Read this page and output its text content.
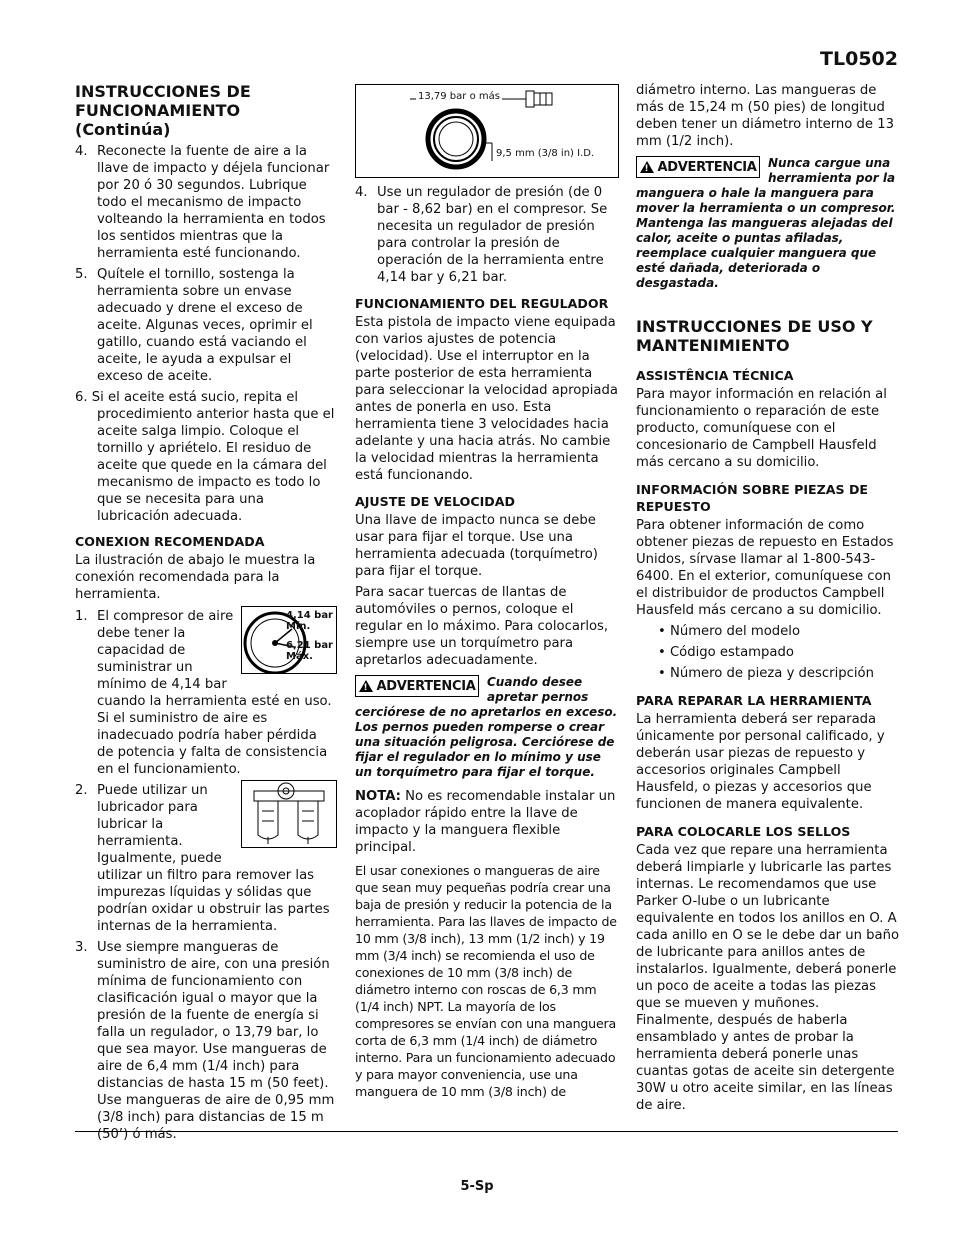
TL0502
INSTRUCCIONES DE FUNCIONAMIENTO (Continúa)
4. Reconecte la fuente de aire a la llave de impacto y déjela funcionar por 20 ó 30 segundos. Lubrique todo el mecanismo de impacto volteando la herramienta en todos los sentidos mientras que la herramienta esté funcionando.
5. Quítele el tornillo, sostenga la herramienta sobre un envase adecuado y drene el exceso de aceite. Algunas veces, oprimir el gatillo, cuando está vaciando el aceite, le ayuda a expulsar el exceso de aceite.
6. Si el aceite está sucio, repita el procedimiento anterior hasta que el aceite salga limpio. Coloque el tornillo y apriételo. El residuo de aceite que quede en la cámara del mecanismo de impacto es todo lo que se necesita para una lubricación adecuada.
CONEXION RECOMENDADA

La ilustración de abajo le muestra la conexión recomendada para la herramienta.

1.	4,14 bar
Mín.
6,21 bar
Máx.
El compresor de aire debe tener la capacidad de suministrar un mínimo de 4,14 bar cuando la herramienta esté en uso. Si el suministro de aire es inadecuado podría haber pérdida de potencia y falta de consistencia en el funcionamiento.
2. Puede utilizar un lubricador para lubricar la herramienta. Igualmente, puede utilizar un filtro para remover las impurezas líquidas y sólidas que podrían oxidar u obstruir las partes internas de la herramienta.
3. Use siempre mangueras de suministro de aire, con una presión mínima de funcionamiento con clasificación igual o mayor que la presión de la fuente de energía si falla un regulador, o 13,79 bar, lo que sea mayor. Use mangueras de aire de 6,4 mm (1/4 inch) para distancias de hasta 15 m (50 feet). Use mangueras de aire de 0,95 mm (3/8 inch) para distancias de 15 m (50’) ó más.
13,79 bar o más
9,5 mm (3/8 in) I.D.
4. Use un regulador de presión (de 0 bar - 8,62 bar) en el compresor. Se necesita un regulador de presión para controlar la presión de operación de la herramienta entre 4,14 bar y 6,21 bar.
FUNCIONAMIENTO DEL REGULADOR

Esta pistola de impacto viene equipada con varios ajustes de potencia (velocidad). Use el interruptor en la parte posterior de esta herramienta para seleccionar la velocidad apropiada antes de ponerla en uso. Esta herramienta tiene 3 velocidades hacia adelante y una hacia atrás. No cambie la velocidad mientras la herramienta está funcionando.

AJUSTE DE VELOCIDAD

Una llave de impacto nunca se debe usar para fijar el torque. Use una herramienta adecuada (torquímetro) para fijar el torque.

Para sacar tuercas de llantas de automóviles o pernos, coloque el regular en lo máximo. Para colocarlos, siempre use un torquímetro para apretarlos adecuadamente.

!
ADVERTENCIA Cuando desee apretar pernos cerciórese de no apretarlos en exceso. Los pernos pueden romperse o crear una situación peligrosa. Cerciórese de fijar el regulador en lo mínimo y use un torquímetro para fijar el torque.

NOTA: No es recomendable instalar un acoplador rápido entre la llave de impacto y la manguera flexible principal.

El usar conexiones o mangueras de aire que sean muy pequeñas podría crear una baja de presión y reducir la potencia de la herramienta. Para las llaves de impacto de 10 mm (3/8 inch), 13 mm (1/2 inch) y 19 mm (3/4 inch) se recomienda el uso de conexiones de 10 mm (3/8 inch) de diámetro interno con roscas de 6,3 mm (1/4 inch) NPT. La mayoría de los compresores se envían con una manguera corta de 6,3 mm (1/4 inch) de diámetro interno. Para un funcionamiento adecuado y para mayor conveniencia, use una manguera de 10 mm (3/8 inch) de

diámetro interno. Las mangueras de más de 15,24 m (50 pies) de longitud deben tener un diámetro interno de 13 mm (1/2 inch).

!
ADVERTENCIA Nunca cargue una herramienta por la manguera o hale la manguera para mover la herramienta o un compresor. Mantenga las mangueras alejadas del calor, aceite o puntas afiladas, reemplace cualquier manguera que esté dañada, deteriorada o desgastada.
INSTRUCCIONES DE USO Y MANTENIMIENTO
ASSISTÊNCIA TÉCNICA

Para mayor información en relación al funcionamiento o reparación de este producto, comuníquese con el concesionario de Campbell Hausfeld más cercano a su domicilio.

INFORMACIÓN SOBRE PIEZAS DE REPUESTO

Para obtener información de como obtener piezas de repuesto en Estados Unidos, sírvase llamar al 1-800-543-6400. En el exterior, comuníquese con el distribuidor de productos Campbell Hausfeld más cercano a su domicilio.

• Número del modelo
• Código estampado
• Número de pieza y descripción
PARA REPARAR LA HERRAMIENTA

La herramienta deberá ser reparada únicamente por personal calificado, y deberán usar piezas de repuesto y accesorios originales Campbell Hausfeld, o piezas y accesorios que funcionen de manera equivalente.

PARA COLOCARLE LOS SELLOS

Cada vez que repare una herramienta deberá limpiarle y lubricarle las partes internas. Le recomendamos que use Parker O-lube o un lubricante equivalente en todos los anillos en O. A cada anillo en O se le debe dar un baño de lubricante para anillos antes de instalarlos. Igualmente, deberá ponerle un poco de aceite a todas las piezas que se mueven y muñones. Finalmente, después de haberla ensamblado y antes de probar la herramienta deberá ponerle unas cuantas gotas de aceite sin detergente 30W u otro aceite similar, en las líneas de aire.

5-Sp
